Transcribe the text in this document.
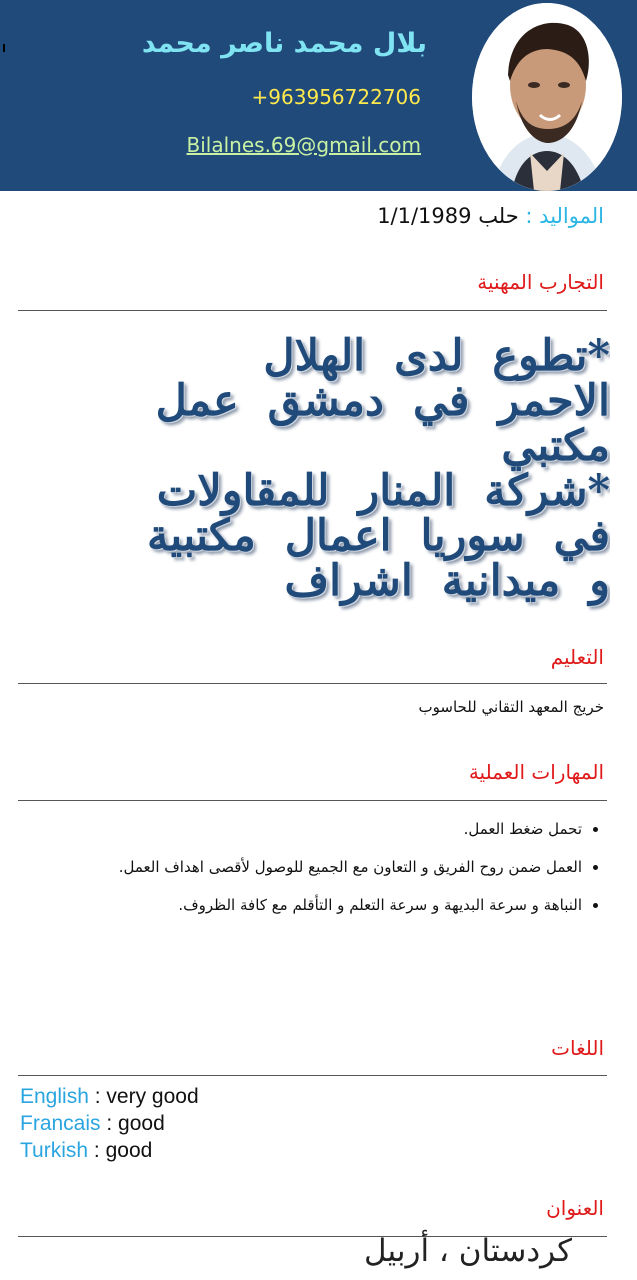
بلال محمد ناصر محمد
+963956722706
Bilalnes.69@gmail.com
المواليد : حلب 1/1/1989
التجارب المهنية
*تطوع لدى الهلال
الاحمر في دمشق عمل
مكتبي
*شركة المنار للمقاولات
في سوريا اعمال مكتبية
و ميدانية اشراف
التعليم
خريج المعهد التقاني للحاسوب
المهارات العملية
• تحمل ضغط العمل.
• العمل ضمن روح الفريق و التعاون مع الجميع للوصول لأقصى اهداف العمل.
• النباهة و سرعة البديهة و سرعة التعلم و التأقلم مع كافة الظروف.
اللغات
English : very good
Francais : good
Turkish : good
العنوان
كردستان ، أربيل
